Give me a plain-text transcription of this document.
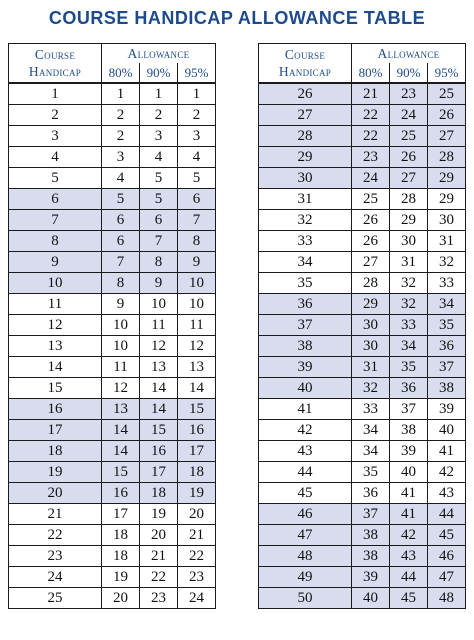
COURSE HANDICAP ALLOWANCE TABLE
Course
Handicap	Allowance		
	80%	90%	95%
1	1	1	1
2	2	2	2
3	2	3	3
4	3	4	4
5	4	5	5
6	5	5	6
7	6	6	7
8	6	7	8
9	7	8	9
10	8	9	10
11	9	10	10
12	10	11	11
13	10	12	12
14	11	13	13
15	12	14	14
16	13	14	15
17	14	15	16
18	14	16	17
19	15	17	18
20	16	18	19
21	17	19	20
22	18	20	21
23	18	21	22
24	19	22	23
25	20	23	24
Course
Handicap	Allowance		
	80%	90%	95%
26	21	23	25
27	22	24	26
28	22	25	27
29	23	26	28
30	24	27	29
31	25	28	29
32	26	29	30
33	26	30	31
34	27	31	32
35	28	32	33
36	29	32	34
37	30	33	35
38	30	34	36
39	31	35	37
40	32	36	38
41	33	37	39
42	34	38	40
43	34	39	41
44	35	40	42
45	36	41	43
46	37	41	44
47	38	42	45
48	38	43	46
49	39	44	47
50	40	45	48
